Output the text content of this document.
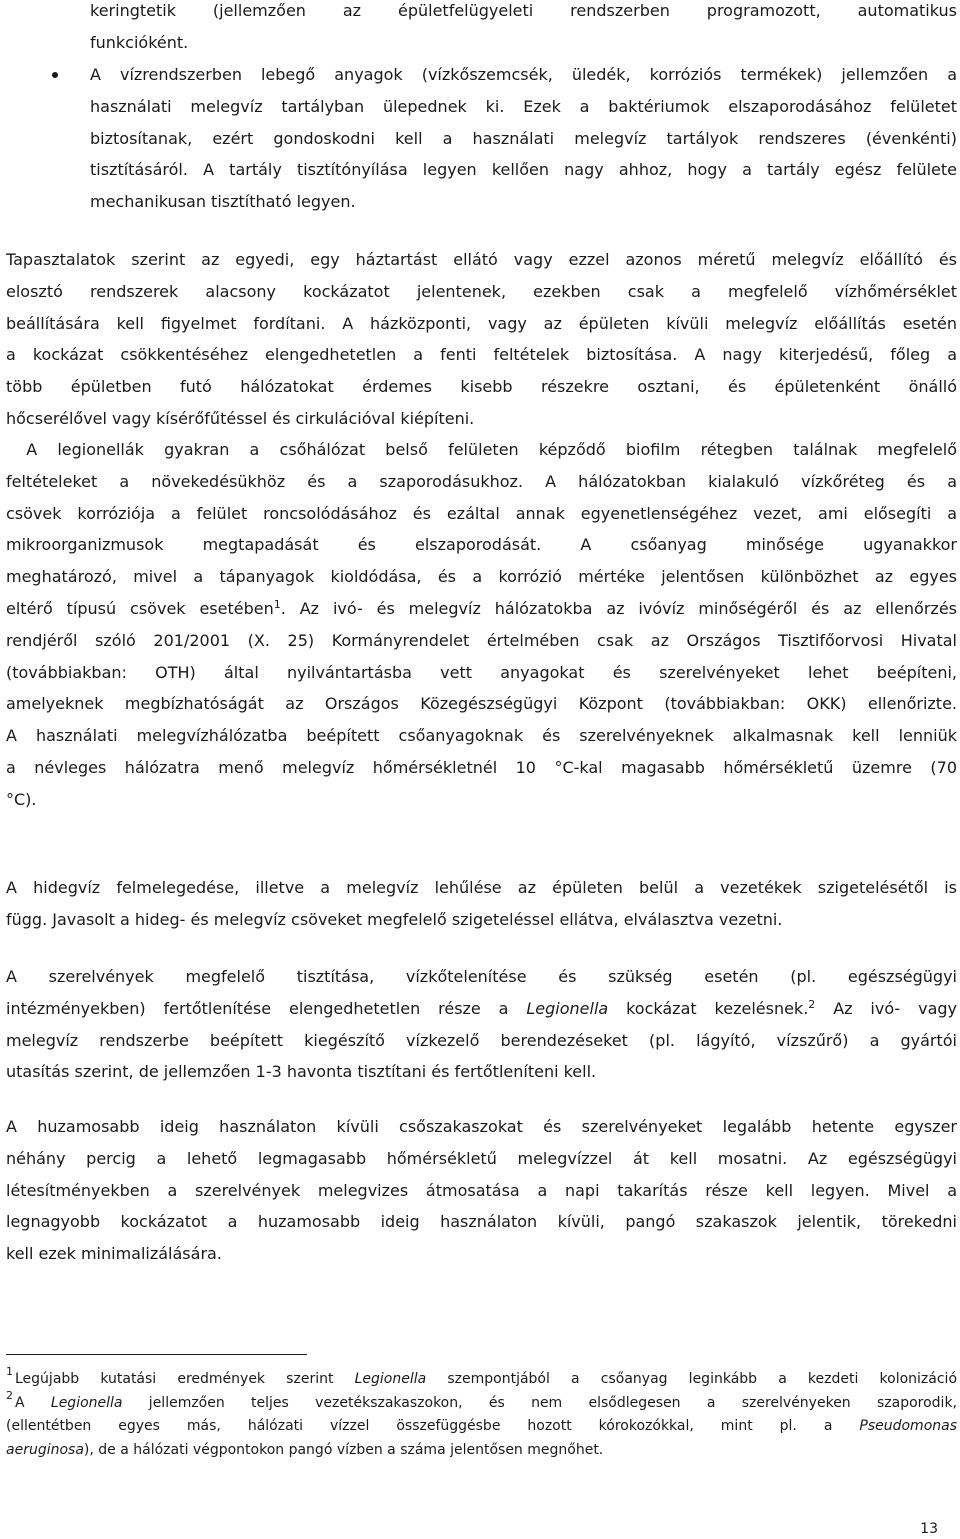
keringtetik (jellemzően az épületfelügyeleti rendszerben programozott, automatikus
funkcióként.
A vízrendszerben lebegő anyagok (vízkőszemcsék, üledék, korróziós termékek) jellemzően a
használati melegvíz tartályban ülepednek ki. Ezek a baktériumok elszaporodásához felületet
biztosítanak, ezért gondoskodni kell a használati melegvíz tartályok rendszeres (évenkénti)
tisztításáról. A tartály tisztítónyílása legyen kellően nagy ahhoz, hogy a tartály egész felülete
mechanikusan tisztítható legyen.
Tapasztalatok szerint az egyedi, egy háztartást ellátó vagy ezzel azonos méretű melegvíz előállító és
elosztó rendszerek alacsony kockázatot jelentenek, ezekben csak a megfelelő vízhőmérséklet
beállítására kell figyelmet fordítani. A házközponti, vagy az épületen kívüli melegvíz előállítás esetén
a kockázat csökkentéséhez elengedhetetlen a fenti feltételek biztosítása. A nagy kiterjedésű, főleg a
több épületben futó hálózatokat érdemes kisebb részekre osztani, és épületenként önálló
hőcserélővel vagy kísérőfűtéssel és cirkulációval kiépíteni.
A legionellák gyakran a csőhálózat belső felületen képződő biofilm rétegben találnak megfelelő
feltételeket a növekedésükhöz és a szaporodásukhoz. A hálózatokban kialakuló vízkőréteg és a
csövek korróziója a felület roncsolódásához és ezáltal annak egyenetlenségéhez vezet, ami elősegíti a
mikroorganizmusok megtapadását és elszaporodását. A csőanyag minősége ugyanakkor
meghatározó, mivel a tápanyagok kioldódása, és a korrózió mértéke jelentősen különbözhet az egyes
eltérő típusú csövek esetében$^1$. Az ivó- és melegvíz hálózatokba az ivóvíz minőségéről és az ellenőrzés
rendjéről szóló 201/2001 (X. 25) Kormányrendelet értelmében csak az Országos Tisztifőorvosi Hivatal
(továbbiakban: OTH) által nyilvántartásba vett anyagokat és szerelvényeket lehet beépíteni,
amelyeknek megbízhatóságát az Országos Közegészségügyi Központ (továbbiakban: OKK) ellenőrizte.
A használati melegvízhálózatba beépített csőanyagoknak és szerelvényeknek alkalmasnak kell lenniük
a névleges hálózatra menő melegvíz hőmérsékletnél 10 °C-kal magasabb hőmérsékletű üzemre (70
°C).
A hidegvíz felmelegedése, illetve a melegvíz lehűlése az épületen belül a vezetékek szigetelésétől is
függ. Javasolt a hideg- és melegvíz csöveket megfelelő szigeteléssel ellátva, elválasztva vezetni.
A szerelvények megfelelő tisztítása, vízkőtelenítése és szükség esetén (pl. egészségügyi
intézményekben) fertőtlenítése elengedhetetlen része a Legionella kockázat kezelésnek.$^2$ Az ivó- vagy
melegvíz rendszerbe beépített kiegészítő vízkezelő berendezéseket (pl. lágyító, vízszűrő) a gyártói
utasítás szerint, de jellemzően 1-3 havonta tisztítani és fertőtleníteni kell.
A huzamosabb ideig használaton kívüli csőszakaszokat és szerelvényeket legalább hetente egyszer
néhány percig a lehető legmagasabb hőmérsékletű melegvízzel át kell mosatni. Az egészségügyi
létesítményekben a szerelvények melegvizes átmosatása a napi takarítás része kell legyen. Mivel a
legnagyobb kockázatot a huzamosabb ideig használaton kívüli, pangó szakaszok jelentik, törekedni
kell ezek minimalizálására.
$^1$ Legújabb kutatási eredmények szerint Legionella szempontjából a csőanyag leginkább a kezdeti kolonizáció
$^2$ A Legionella jellemzően teljes vezetékszakaszokon, és nem elsődlegesen a szerelvényeken szaporodik,
(ellentétben egyes más, hálózati vízzel összefüggésbe hozott kórokozókkal, mint pl. a Pseudomonas
aeruginosa), de a hálózati végpontokon pangó vízben a száma jelentősen megnőhet.
13
